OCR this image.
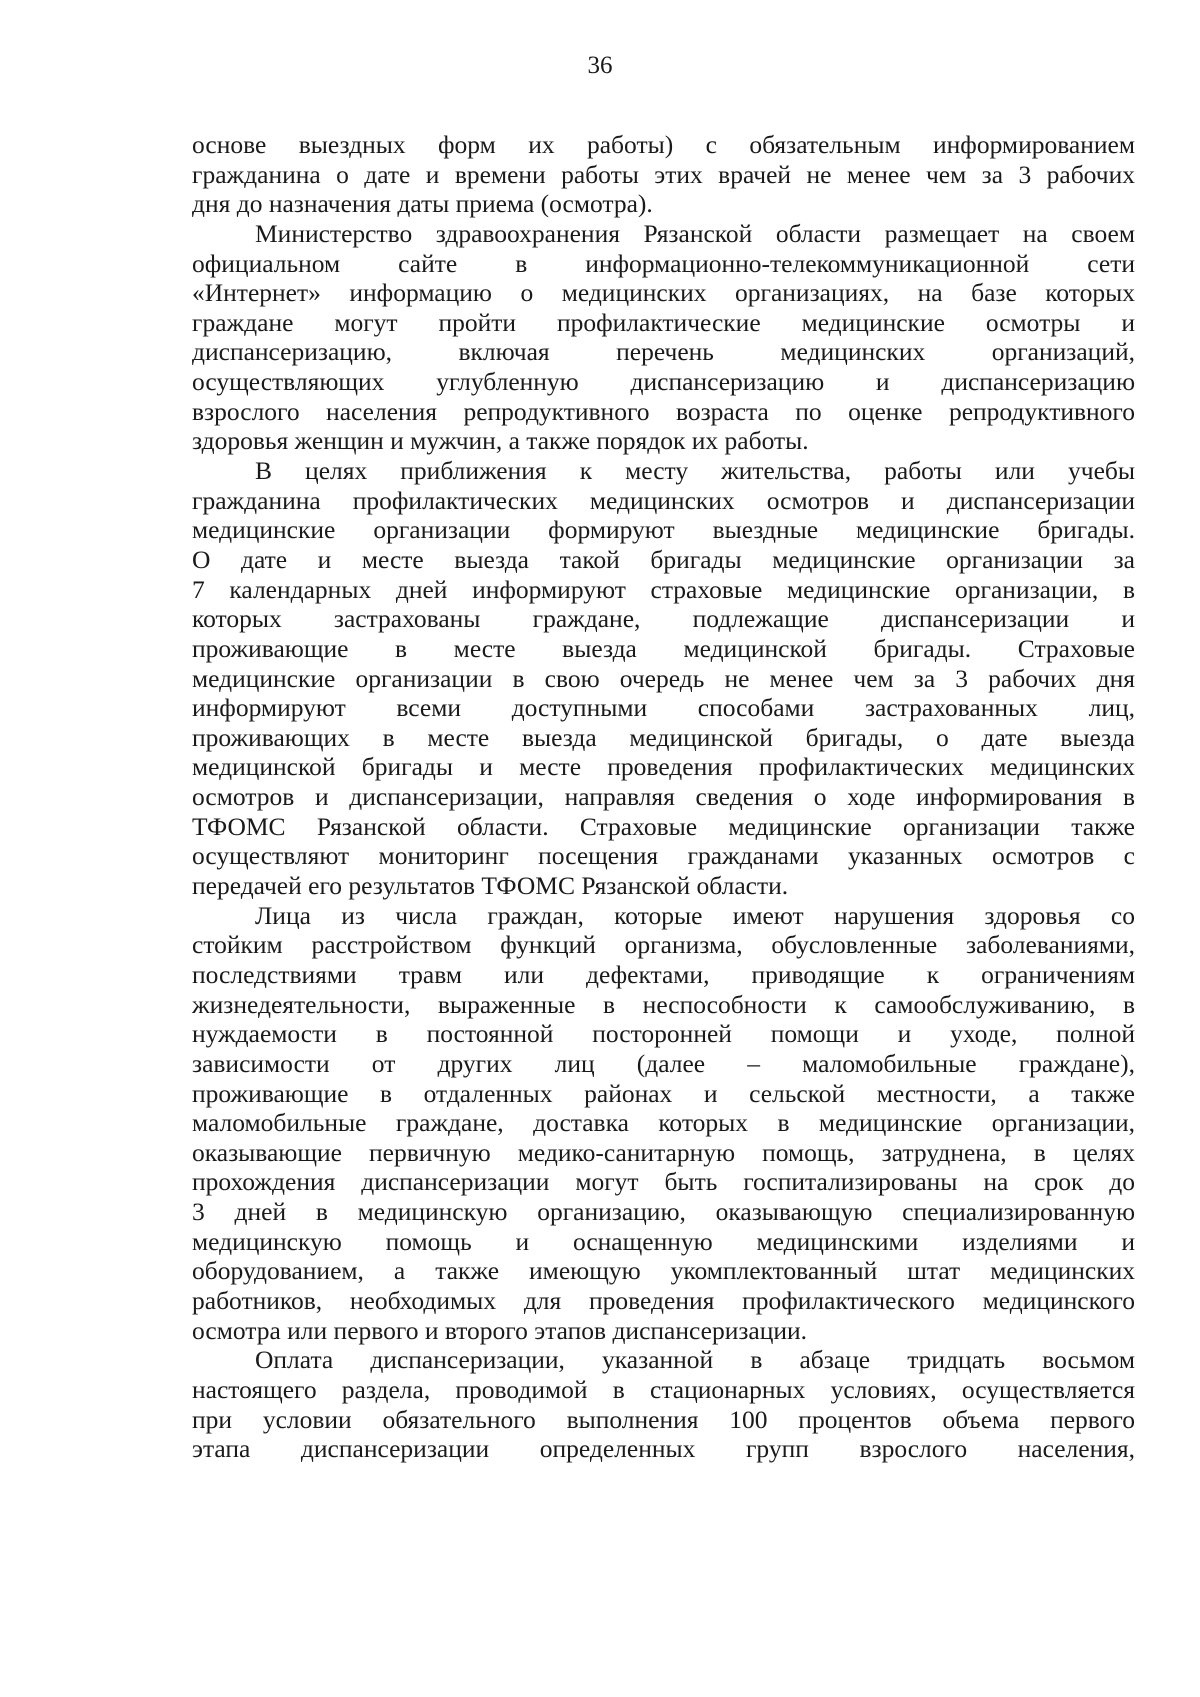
36
основе выездных форм их работы) с обязательным информированием
гражданина о дате и времени работы этих врачей не менее чем за 3 рабочих
дня до назначения даты приема (осмотра).
Министерство здравоохранения Рязанской области размещает на своем
официальном сайте в информационно-телекоммуникационной сети
«Интернет» информацию о медицинских организациях, на базе которых
граждане могут пройти профилактические медицинские осмотры и
диспансеризацию, включая перечень медицинских организаций,
осуществляющих углубленную диспансеризацию и диспансеризацию
взрослого населения репродуктивного возраста по оценке репродуктивного
здоровья женщин и мужчин, а также порядок их работы.
В целях приближения к месту жительства, работы или учебы
гражданина профилактических медицинских осмотров и диспансеризации
медицинские организации формируют выездные медицинские бригады.
О дате и месте выезда такой бригады медицинские организации за
7 календарных дней информируют страховые медицинские организации, в
которых застрахованы граждане, подлежащие диспансеризации и
проживающие в месте выезда медицинской бригады. Страховые
медицинские организации в свою очередь не менее чем за 3 рабочих дня
информируют всеми доступными способами застрахованных лиц,
проживающих в месте выезда медицинской бригады, о дате выезда
медицинской бригады и месте проведения профилактических медицинских
осмотров и диспансеризации, направляя сведения о ходе информирования в
ТФОМС Рязанской области. Страховые медицинские организации также
осуществляют мониторинг посещения гражданами указанных осмотров с
передачей его результатов ТФОМС Рязанской области.
Лица из числа граждан, которые имеют нарушения здоровья со
стойким расстройством функций организма, обусловленные заболеваниями,
последствиями травм или дефектами, приводящие к ограничениям
жизнедеятельности, выраженные в неспособности к самообслуживанию, в
нуждаемости в постоянной посторонней помощи и уходе, полной
зависимости от других лиц (далее – маломобильные граждане),
проживающие в отдаленных районах и сельской местности, а также
маломобильные граждане, доставка которых в медицинские организации,
оказывающие первичную медико-санитарную помощь, затруднена, в целях
прохождения диспансеризации могут быть госпитализированы на срок до
3 дней в медицинскую организацию, оказывающую специализированную
медицинскую помощь и оснащенную медицинскими изделиями и
оборудованием, а также имеющую укомплектованный штат медицинских
работников, необходимых для проведения профилактического медицинского
осмотра или первого и второго этапов диспансеризации.
Оплата диспансеризации, указанной в абзаце тридцать восьмом
настоящего раздела, проводимой в стационарных условиях, осуществляется
при условии обязательного выполнения 100 процентов объема первого
этапа диспансеризации определенных групп взрослого населения,
